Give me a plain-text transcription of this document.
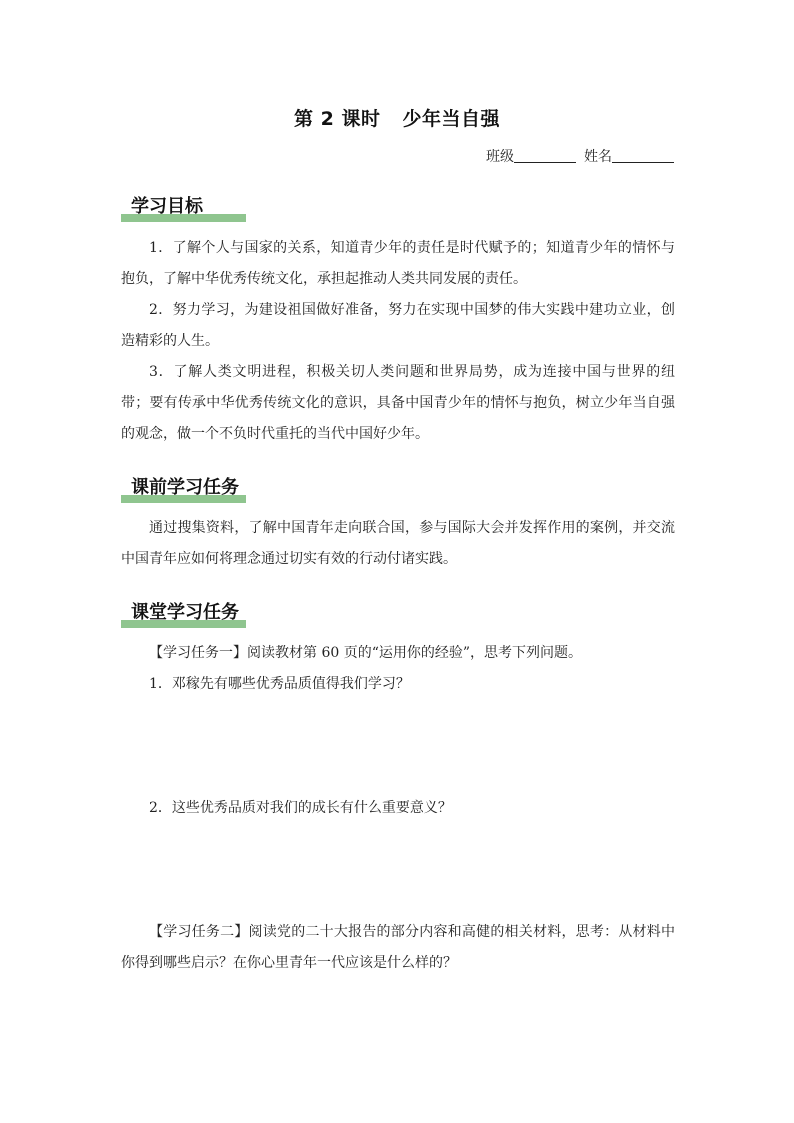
第 2 课时 少年当自强
班级	姓名
学习目标
1．了解个人与国家的关系，知道青少年的责任是时代赋予的；知道青少年的情怀与抱负，了解中华优秀传统文化，承担起推动人类共同发展的责任。
2．努力学习，为建设祖国做好准备，努力在实现中国梦的伟大实践中建功立业，创造精彩的人生。
3．了解人类文明进程，积极关切人类问题和世界局势，成为连接中国与世界的纽带；要有传承中华优秀传统文化的意识，具备中国青少年的情怀与抱负，树立少年当自强的观念，做一个不负时代重托的当代中国好少年。
课前学习任务
通过搜集资料，了解中国青年走向联合国，参与国际大会并发挥作用的案例，并交流中国青年应如何将理念通过切实有效的行动付诸实践。
课堂学习任务
【学习任务一】阅读教材第 60 页的“运用你的经验”，思考下列问题。
1．邓稼先有哪些优秀品质值得我们学习？
2．这些优秀品质对我们的成长有什么重要意义？
【学习任务二】阅读党的二十大报告的部分内容和高健的相关材料，思考：从材料中你得到哪些启示？在你心里青年一代应该是什么样的？
